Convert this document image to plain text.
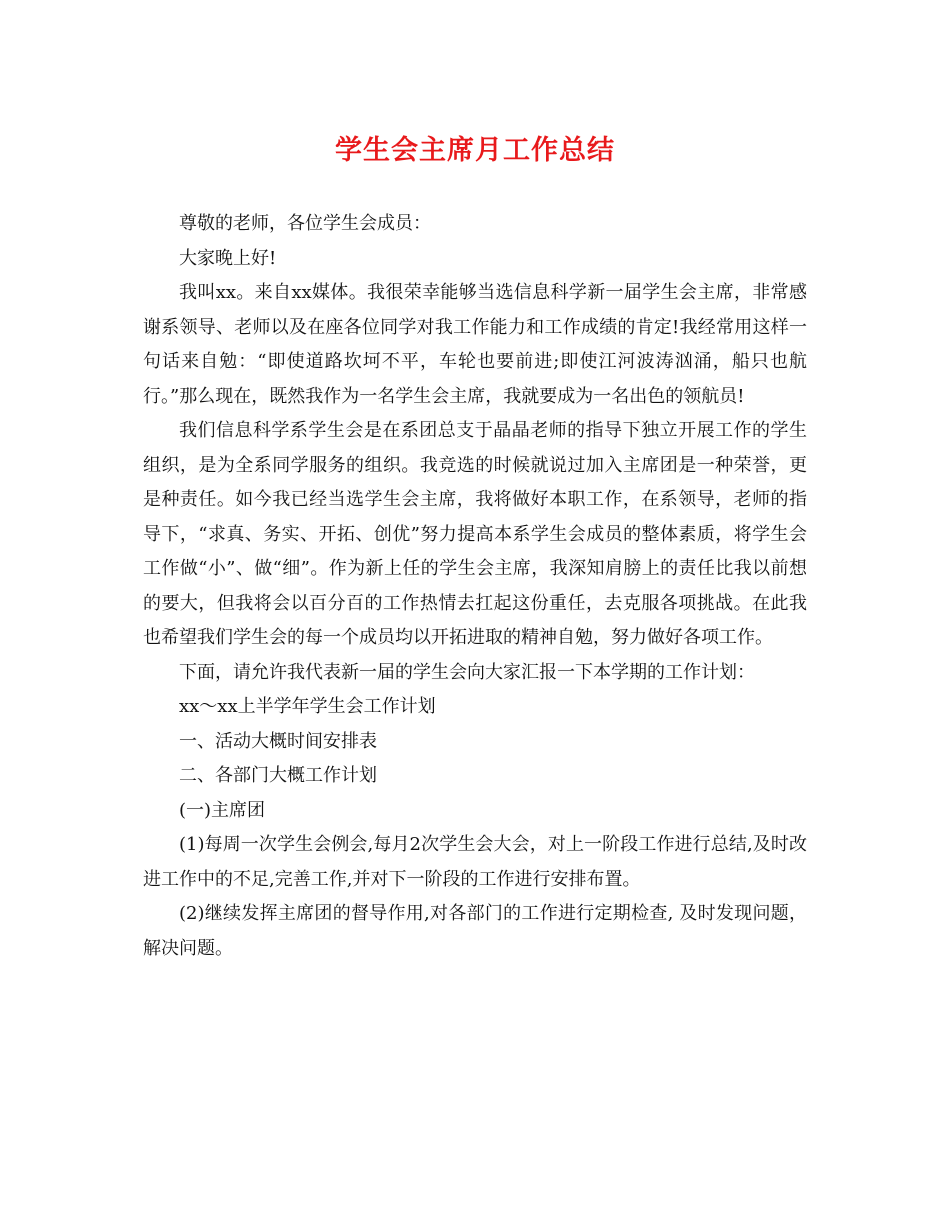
学生会主席月工作总结

尊敬的老师，各位学生会成员：

大家晚上好!

我叫xx。来自xx媒体。我很荣幸能够当选信息科学新一届学生会主席，非常感谢系领导、老师以及在座各位同学对我工作能力和工作成绩的肯定!我经常用这样一句话来自勉：“即使道路坎坷不平，车轮也要前进;即使江河波涛汹涌，船只也航行。”那么现在，既然我作为一名学生会主席，我就要成为一名出色的领航员!

我们信息科学系学生会是在系团总支于晶晶老师的指导下独立开展工作的学生组织，是为全系同学服务的组织。我竞选的时候就说过加入主席团是一种荣誉，更是种责任。如今我已经当选学生会主席，我将做好本职工作，在系领导，老师的指导下，“求真、务实、开拓、创优”努力提高本系学生会成员的整体素质，将学生会工作做“小”、做“细”。作为新上任的学生会主席，我深知肩膀上的责任比我以前想的要大，但我将会以百分百的工作热情去扛起这份重任，去克服各项挑战。在此我也希望我们学生会的每一个成员均以开拓进取的精神自勉，努力做好各项工作。

下面，请允许我代表新一届的学生会向大家汇报一下本学期的工作计划：

xx～xx上半学年学生会工作计划

一、活动大概时间安排表

二、各部门大概工作计划

(一)主席团

(1)每周一次学生会例会,每月2次学生会大会，对上一阶段工作进行总结,及时改进工作中的不足,完善工作,并对下一阶段的工作进行安排布置。

(2)继续发挥主席团的督导作用,对各部门的工作进行定期检查, 及时发现问题，解决问题。
